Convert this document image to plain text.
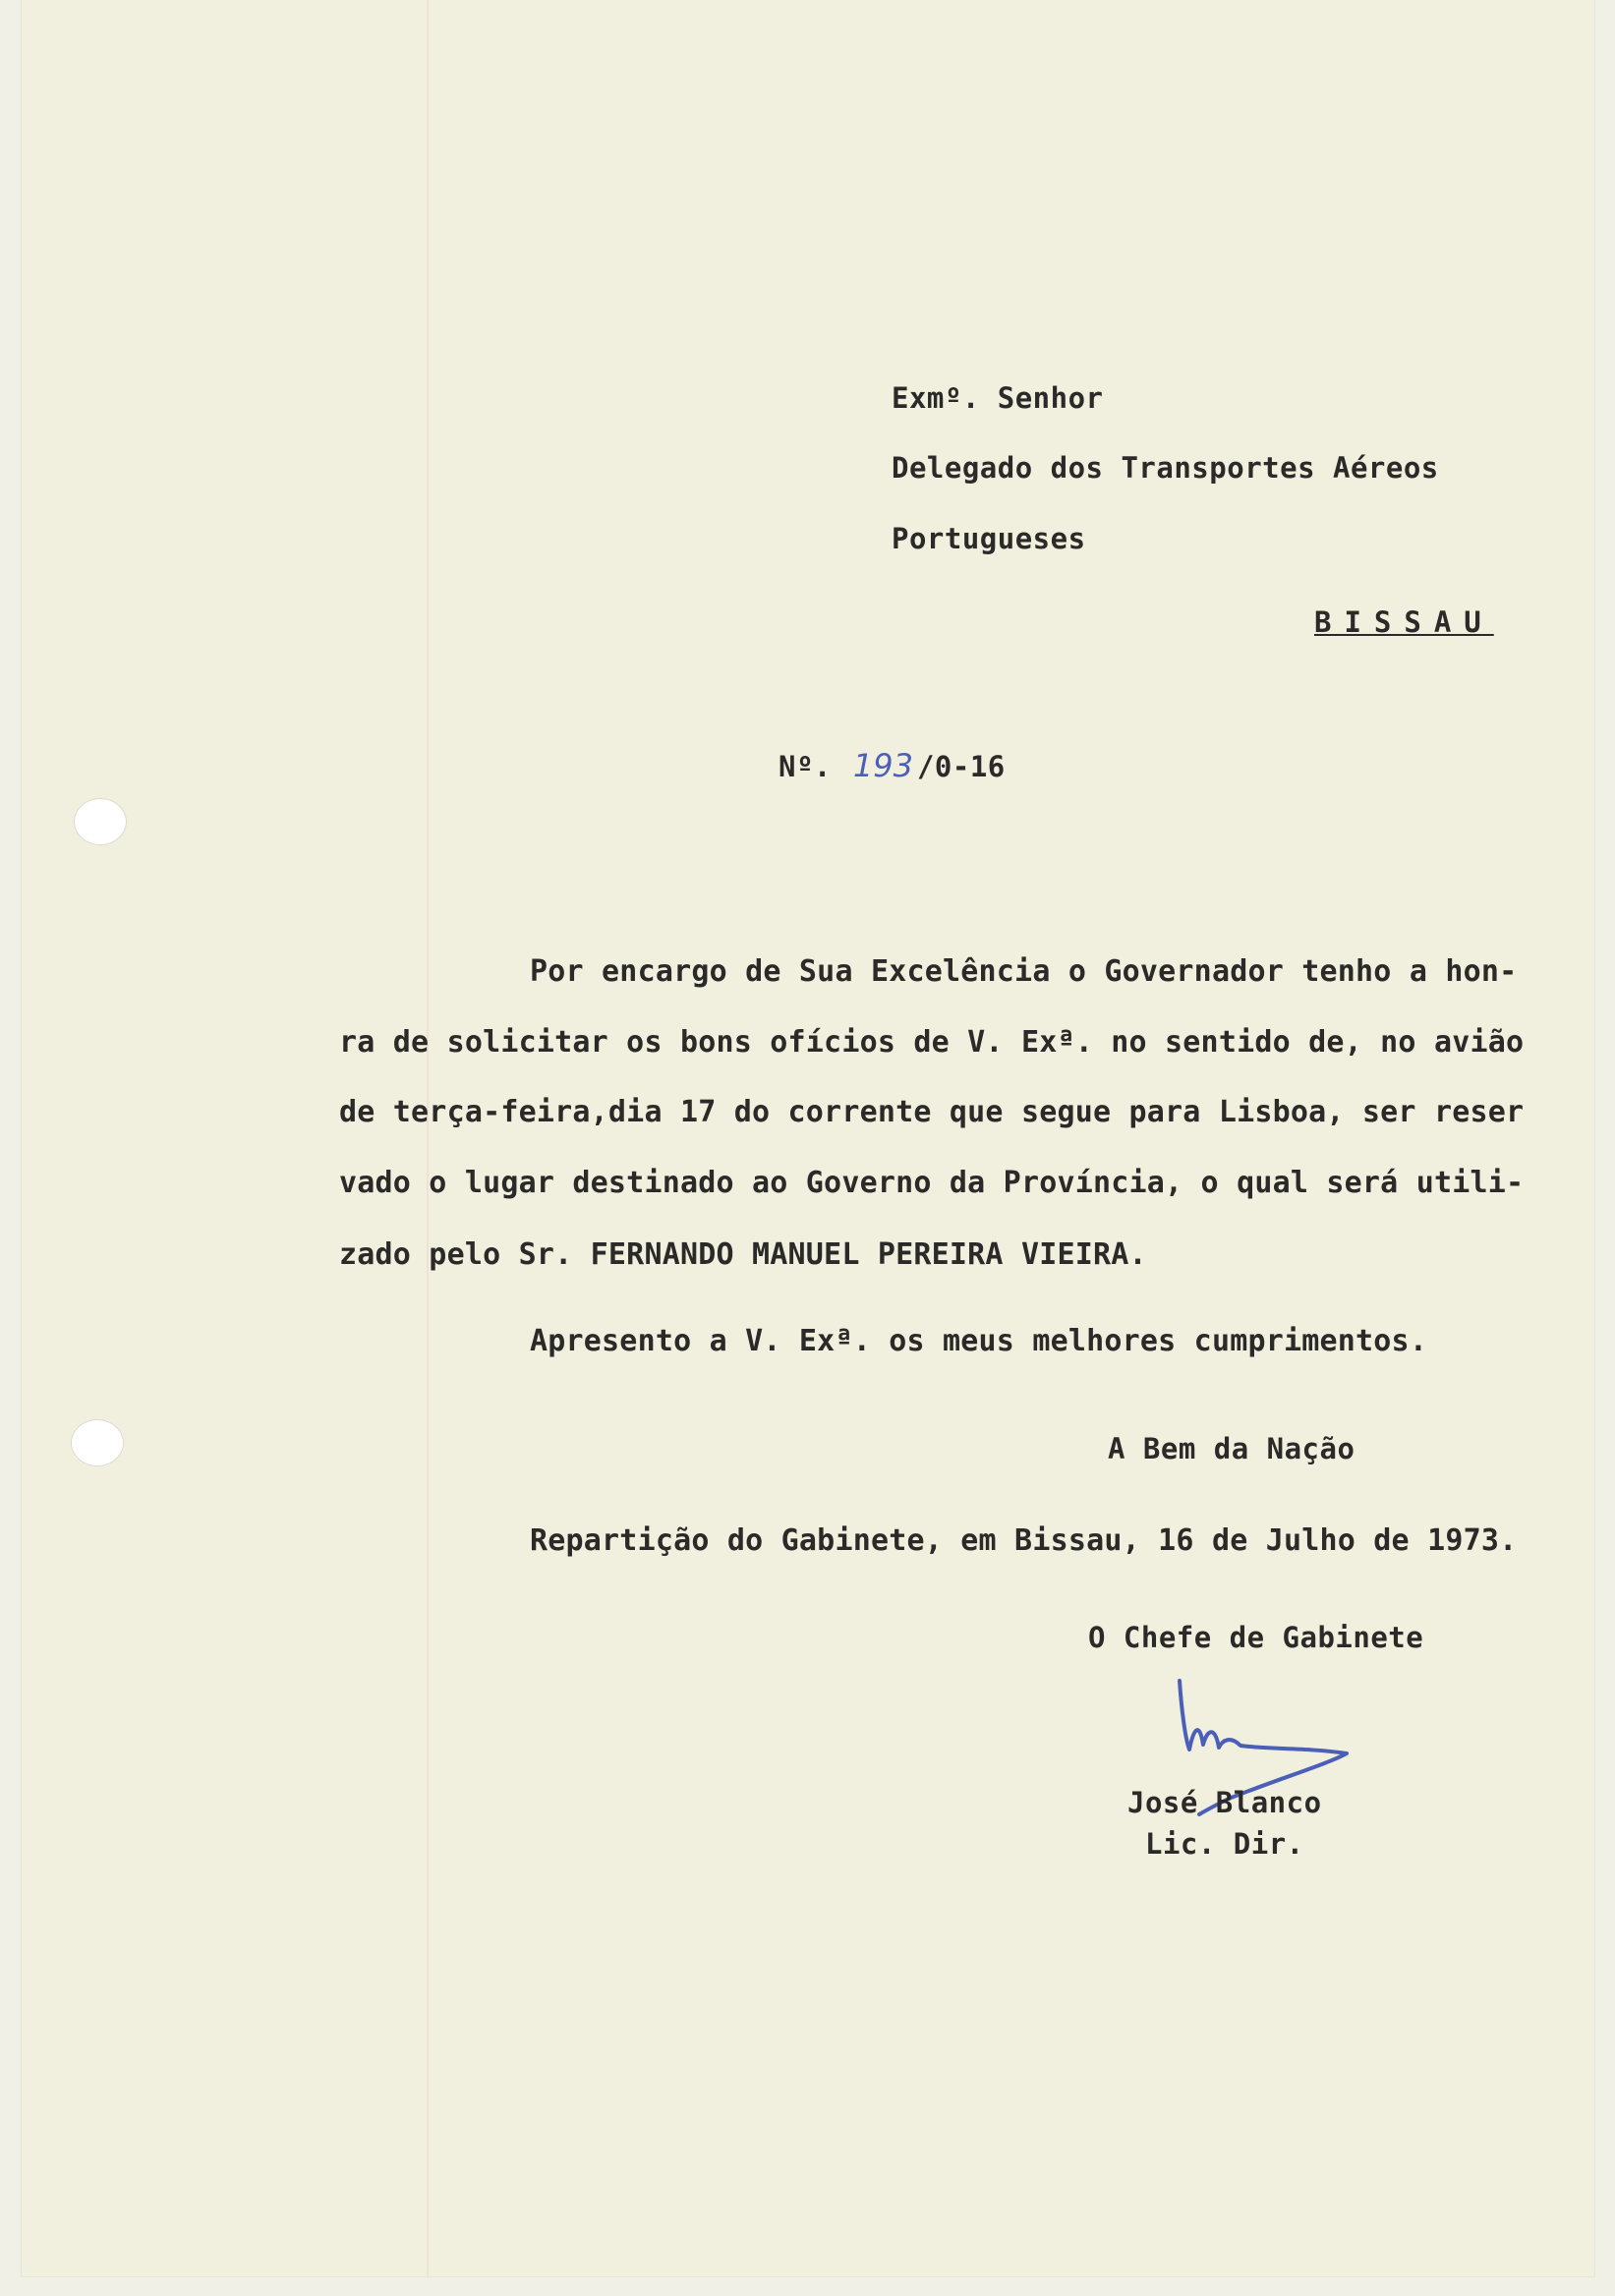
Exmº. Senhor
Delegado dos Transportes Aéreos
Portugueses
BISSAU
Nº. 193 /0-16
Por encargo de Sua Excelência o Governador tenho a hon-
ra de solicitar os bons ofícios de V. Exª. no sentido de, no avião
de terça-feira,dia 17 do corrente que segue para Lisboa, ser reser
vado o lugar destinado ao Governo da Província, o qual será utili-
zado pelo Sr. FERNANDO MANUEL PEREIRA VIEIRA.
Apresento a V. Exª. os meus melhores cumprimentos.
A Bem da Nação
Repartição do Gabinete, em Bissau, 16 de Julho de 1973.
O Chefe de Gabinete
José Blanco
Lic. Dir.
